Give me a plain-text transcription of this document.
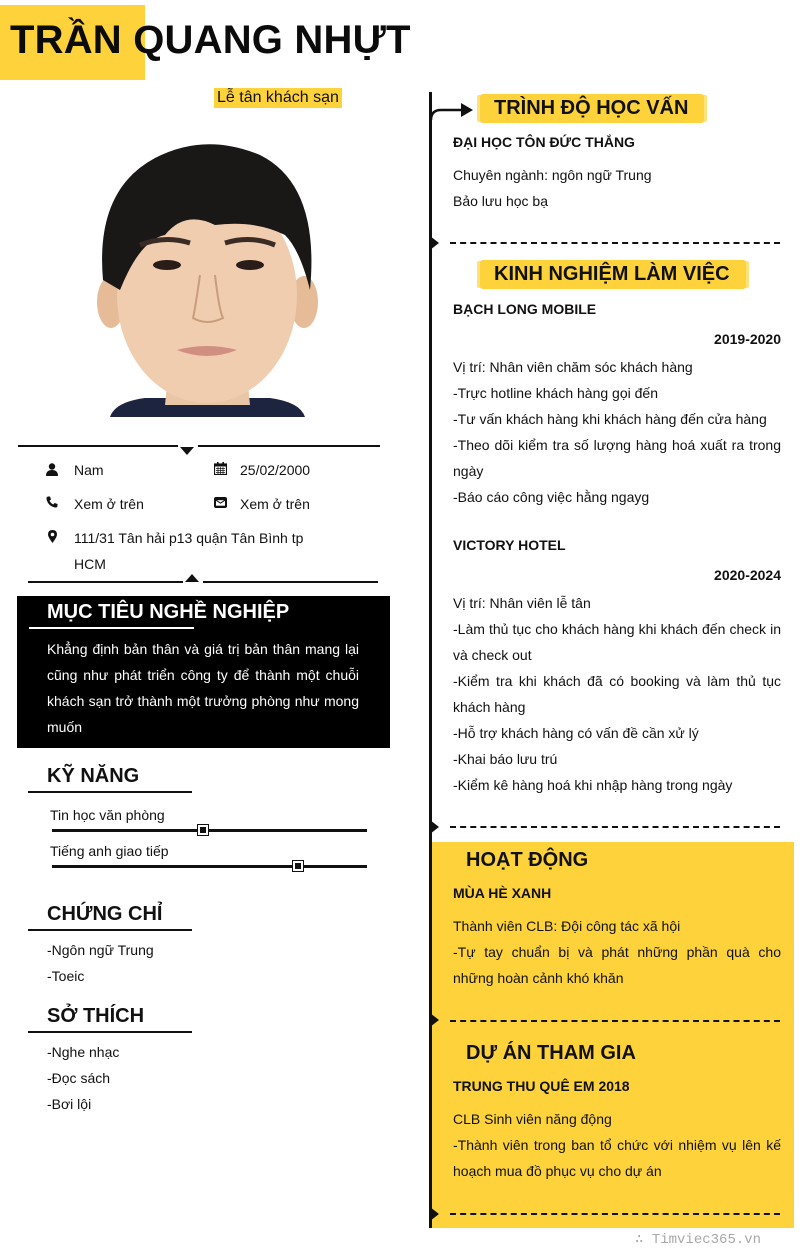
TRẦN QUANG NHỰT
Lễ tân khách sạn
Nam	25/02/2000
Xem ở trên	Xem ở trên
111/31 Tân hải p13 quận Tân Bình tp
HCM
MỤC TIÊU NGHỀ NGHIỆP
Khẳng định bản thân và giá trị bản thân mang lại cũng như phát triển công ty để thành một chuỗi khách sạn trở thành một trưởng phòng như mong muốn
KỸ NĂNG
Tin học văn phòng
Tiếng anh giao tiếp
CHỨNG CHỈ
-Ngôn ngữ Trung
-Toeic
SỞ THÍCH
-Nghe nhạc
-Đọc sách
-Bơi lội
TRÌNH ĐỘ HỌC VẤN
ĐẠI HỌC TÔN ĐỨC THẮNG
Chuyên ngành: ngôn ngữ Trung
Bảo lưu học bạ
KINH NGHIỆM LÀM VIỆC
BẠCH LONG MOBILE
2019-2020
Vị trí: Nhân viên chăm sóc khách hàng
-Trực hotline khách hàng gọi đến
-Tư vấn khách hàng khi khách hàng đến cửa hàng
-Theo dõi kiểm tra số lượng hàng hoá xuất ra trong ngày
-Báo cáo công việc hằng ngayg
VICTORY HOTEL
2020-2024
Vị trí: Nhân viên lễ tân
-Làm thủ tục cho khách hàng khi khách đến check in và check out
-Kiểm tra khi khách đã có booking và làm thủ tục khách hàng
-Hỗ trợ khách hàng có vấn đề cần xử lý
-Khai báo lưu trú
-Kiểm kê hàng hoá khi nhập hàng trong ngày
HOẠT ĐỘNG
MÙA HÈ XANH
Thành viên CLB: Đội công tác xã hội
-Tự tay chuẩn bị và phát những phần quà cho những hoàn cảnh khó khăn
DỰ ÁN THAM GIA
TRUNG THU QUÊ EM 2018
CLB Sinh viên năng động
-Thành viên trong ban tổ chức với nhiệm vụ lên kế hoạch mua đồ phục vụ cho dự án
∴ Timviec365.vn
